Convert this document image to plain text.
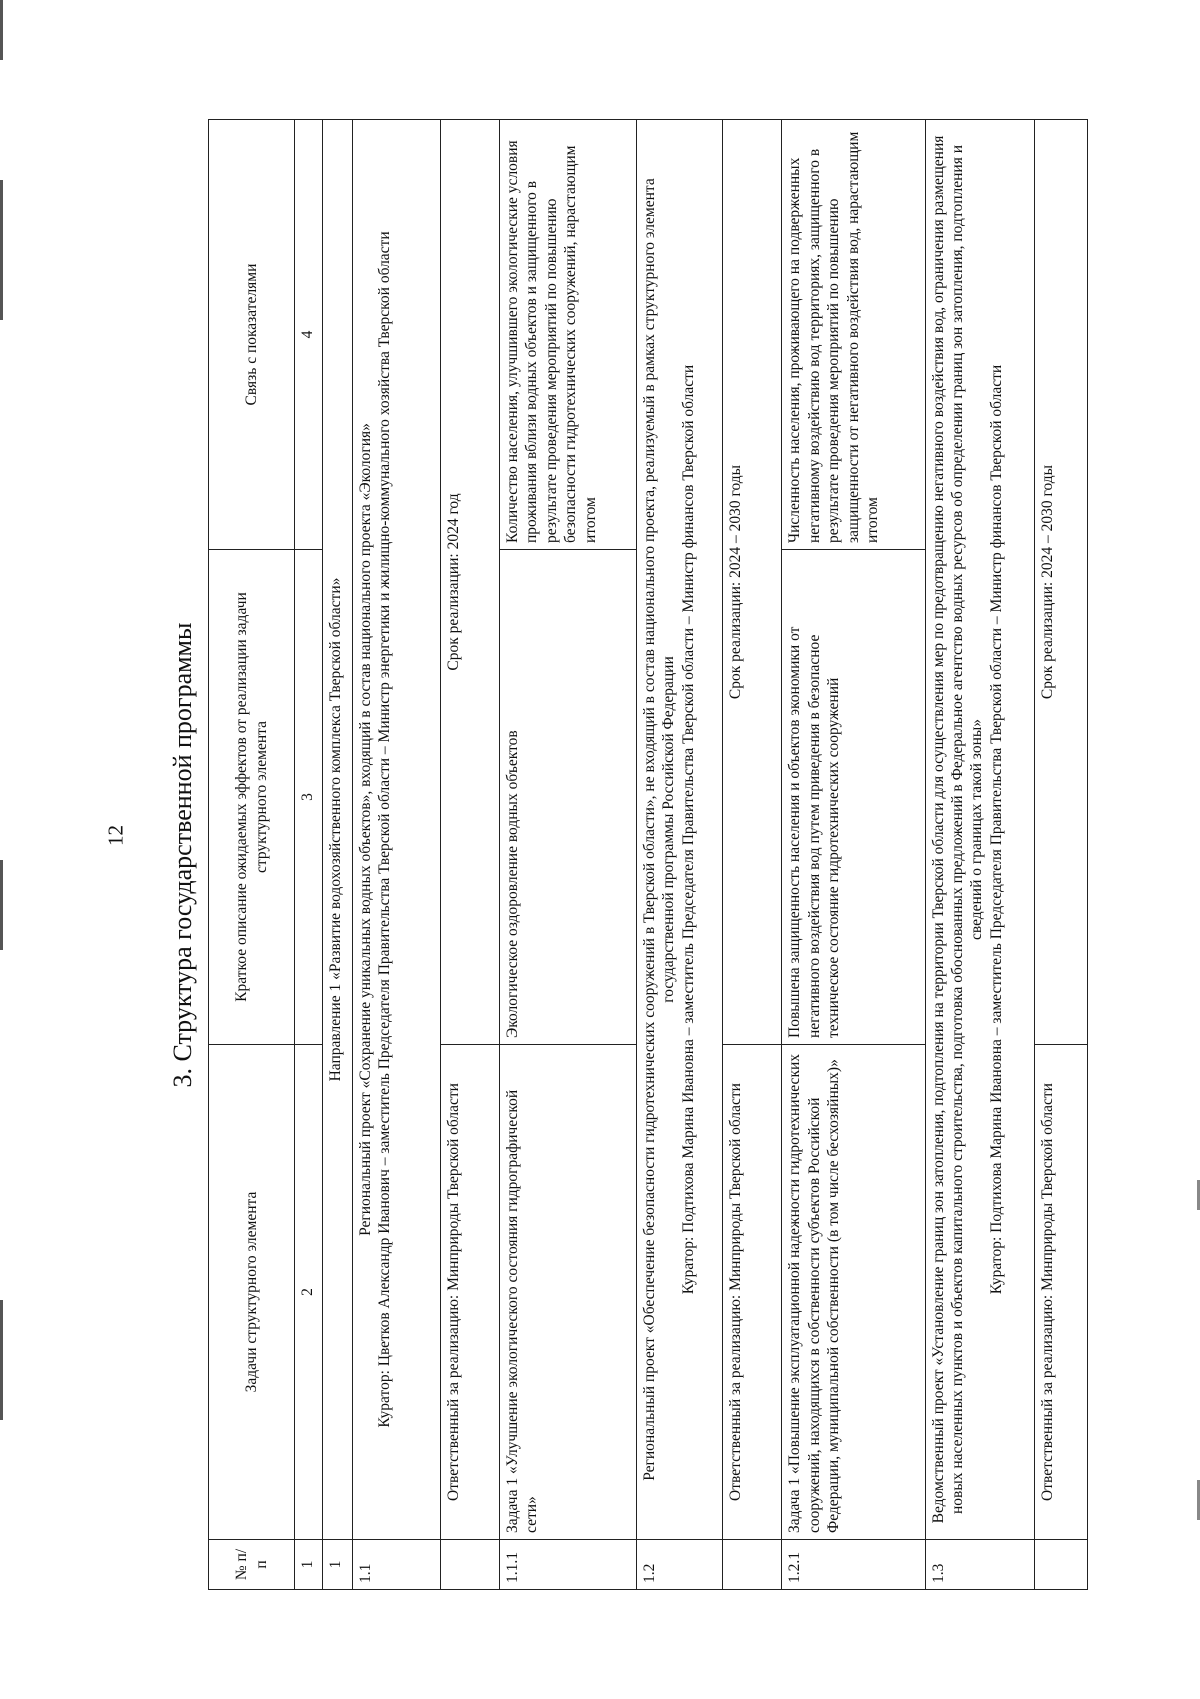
12	3. Структура государственной программы
№ п/п	Задачи структурного элемента	Краткое описание ожидаемых эффектов от реализации задачи структурного элемента	Связь с показателями
1	2	3	4
1	Направление 1 «Развитие водохозяйственного комплекса Тверской области»		
1.1	Региональный проект «Сохранение уникальных водных объектов», входящий в состав национального проекта «Экология» Куратор: Цветков Александр Иванович – заместитель Председателя Правительства Тверской области – Министр энергетики и жилищно-коммунального хозяйства Тверской области		

	Ответственный за реализацию: Минприроды Тверской области	Срок реализации: 2024 год	
1.1.1	Задача 1 «Улучшение экологического состояния гидрографической сети»	Экологическое оздоровление водных объектов	Количество населения, улучшившего экологические условия проживания вблизи водных объектов и защищенного в результате проведения мероприятий по повышению безопасности гидротехнических сооружений, нарастающим итогом
1.2	Региональный проект «Обеспечение безопасности гидротехнических сооружений в Тверской области», не входящий в состав национального проекта, реализуемый в рамках структурного элемента государственной программы Российской Федерации Куратор: Подтихова Марина Ивановна – заместитель Председателя Правительства Тверской области – Министр финансов Тверской области		

	Ответственный за реализацию: Минприроды Тверской области	Срок реализации: 2024 – 2030 годы	
1.2.1	Задача 1 «Повышение эксплуатационной надежности гидротехнических сооружений, находящихся в собственности субъектов Российской Федерации, муниципальной собственности (в том числе бесхозяйных)»	Повышена защищенность населения и объектов экономики от негативного воздействия вод путем приведения в безопасное техническое состояние гидротехнических сооружений	Численность населения, проживающего на подверженных негативному воздействию вод территориях, защищенного в результате проведения мероприятий по повышению защищенности от негативного воздействия вод, нарастающим итогом
1.3	Ведомственный проект «Установление границ зон затопления, подтопления на территории Тверской области для осуществления мер по предотвращению негативного воздействия вод, ограничения размещения новых населенных пунктов и объектов капитального строительства, подготовка обоснованных предложений в Федеральное агентство водных ресурсов об определении границ зон затопления, подтопления и сведений о границах такой зоны» Куратор: Подтихова Марина Ивановна – заместитель Председателя Правительства Тверской области – Министр финансов Тверской области		

	Ответственный за реализацию: Минприроды Тверской области	Срок реализации: 2024 – 2030 годы	
